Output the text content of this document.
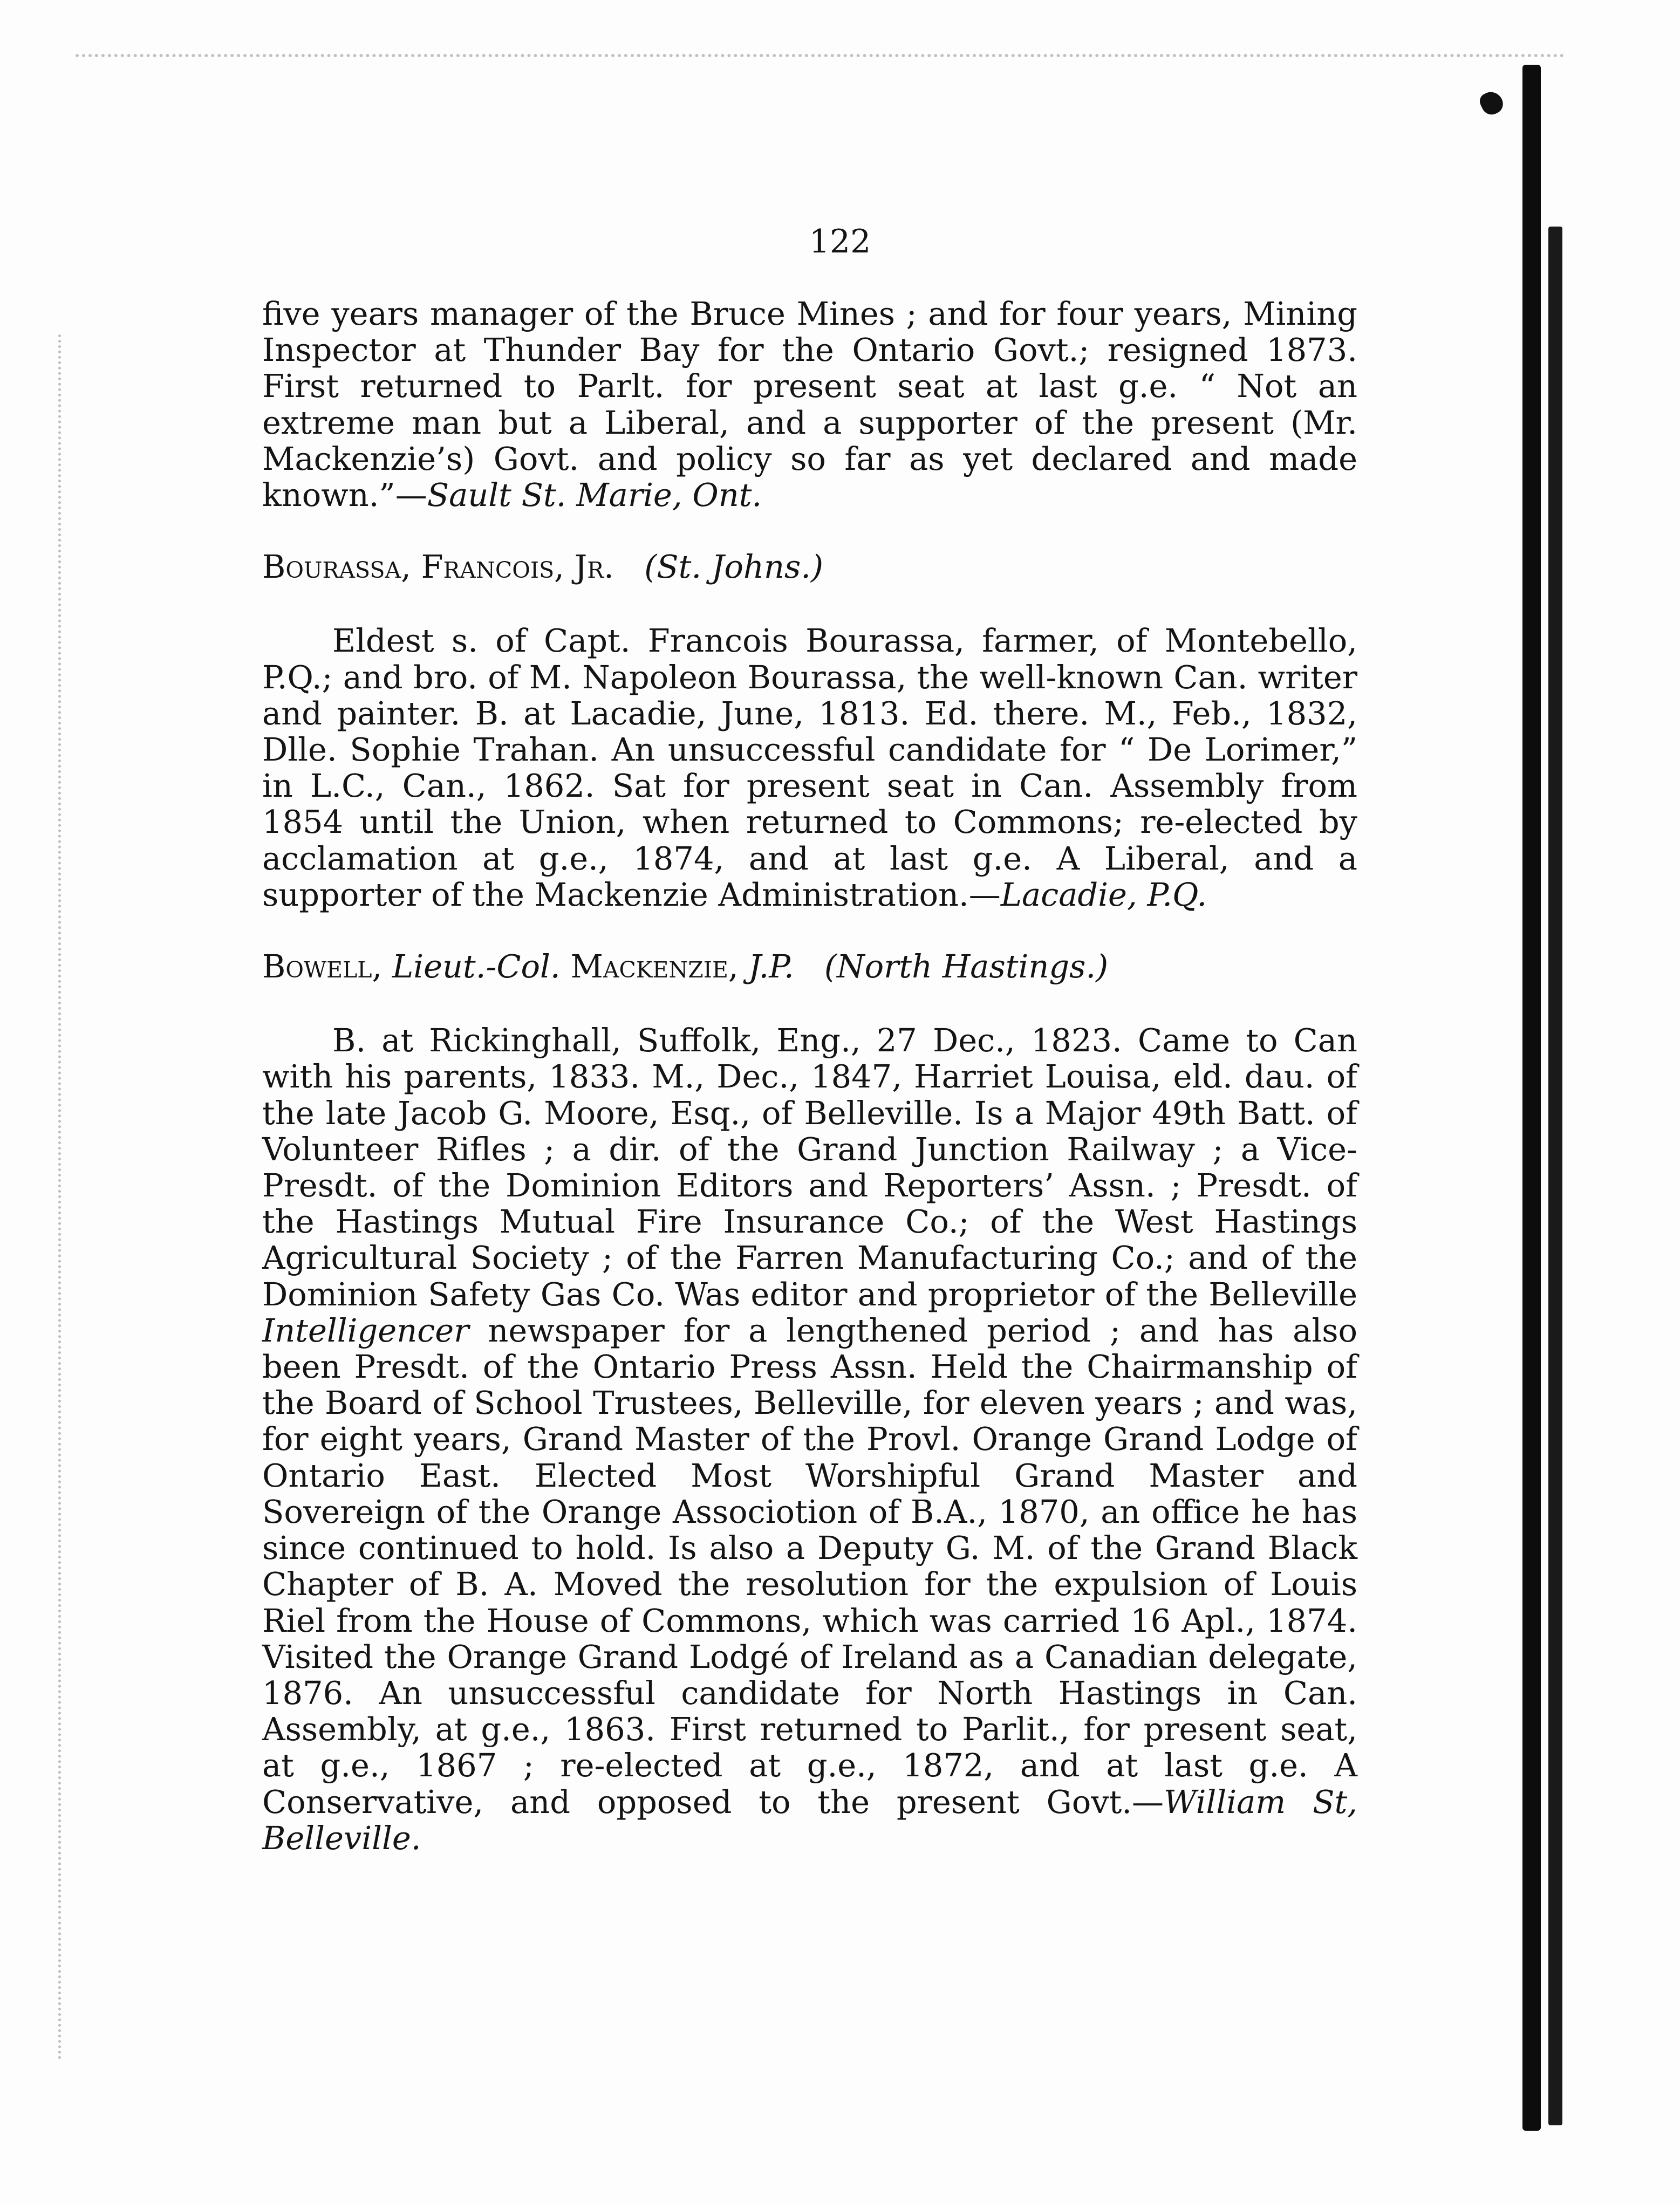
122

five years manager of the Bruce Mines ; and for four years, Mining Inspector at Thunder Bay for the Ontario Govt.; resigned 1873. First returned to Parlt. for present seat at last g.e. “ Not an extreme man but a Liberal, and a supporter of the present (Mr. Mackenzie’s) Govt. and policy so far as yet declared and made known.”—Sault St. Marie, Ont.

Bourassa, Francois, Jr. (St. Johns.)

Eldest s. of Capt. Francois Bourassa, farmer, of Montebello, P.Q.; and bro. of M. Napoleon Bourassa, the well-known Can. writer and painter. B. at Lacadie, June, 1813. Ed. there. M., Feb., 1832, Dlle. Sophie Trahan. An unsuccessful candidate for “ De Lorimer,” in L.C., Can., 1862. Sat for present seat in Can. Assembly from 1854 until the Union, when returned to Commons; re-elected by acclamation at g.e., 1874, and at last g.e. A Liberal, and a supporter of the Mackenzie Administration.—Lacadie, P.Q.

Bowell, Lieut.-Col. Mackenzie, J.P. (North Hastings.)

B. at Rickinghall, Suffolk, Eng., 27 Dec., 1823. Came to Can with his parents, 1833. M., Dec., 1847, Harriet Louisa, eld. dau. of the late Jacob G. Moore, Esq., of Belleville. Is a Major 49th Batt. of Volunteer Rifles ; a dir. of the Grand Junction Railway ; a Vice-Presdt. of the Dominion Editors and Reporters’ Assn. ; Presdt. of the Hastings Mutual Fire Insurance Co.; of the West Hastings Agricultural Society ; of the Farren Manufacturing Co.; and of the Dominion Safety Gas Co. Was editor and proprietor of the Belleville Intelligencer newspaper for a lengthened period ; and has also been Presdt. of the Ontario Press Assn. Held the Chairmanship of the Board of School Trustees, Belleville, for eleven years ; and was, for eight years, Grand Master of the Provl. Orange Grand Lodge of Ontario East. Elected Most Worshipful Grand Master and Sovereign of the Orange Associotion of B.A., 1870, an office he has since continued to hold. Is also a Deputy G. M. of the Grand Black Chapter of B. A. Moved the resolution for the expulsion of Louis Riel from the House of Commons, which was carried 16 Apl., 1874. Visited the Orange Grand Lodgé of Ireland as a Canadian delegate, 1876. An unsuccessful candidate for North Hastings in Can. Assembly, at g.e., 1863. First returned to Parlit., for present seat, at g.e., 1867 ; re-elected at g.e., 1872, and at last g.e. A Conservative, and opposed to the present Govt.—William St, Belleville.
